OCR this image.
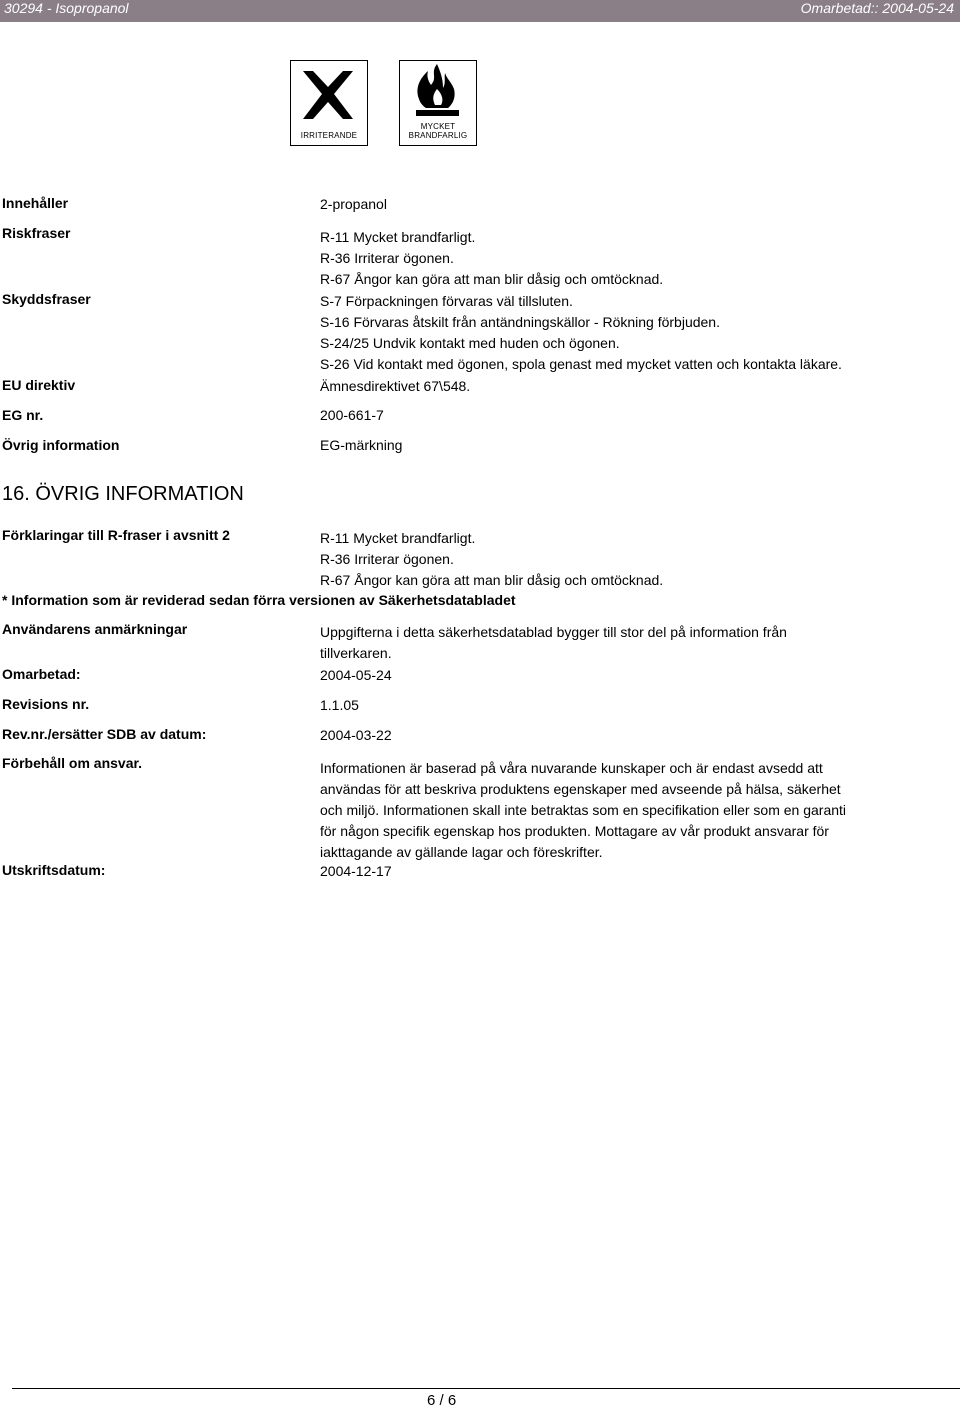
30294 - Isopropanol	Omarbetad:: 2004-05-24
IRRITERANDE
MYCKET
BRANDFARLIG
Innehåller	2-propanol
Riskfraser	R-11 Mycket brandfarligt.
R-36 Irriterar ögonen.
R-67 Ångor kan göra att man blir dåsig och omtöcknad.
Skyddsfraser	S-7 Förpackningen förvaras väl tillsluten.
S-16 Förvaras åtskilt från antändningskällor - Rökning förbjuden.
S-24/25 Undvik kontakt med huden och ögonen.
S-26 Vid kontakt med ögonen, spola genast med mycket vatten och kontakta läkare.
EU direktiv	Ämnesdirektivet 67\548.
EG nr.	200-661-7
Övrig information	EG-märkning
16. ÖVRIG INFORMATION
Förklaringar till R-fraser i avsnitt 2	R-11 Mycket brandfarligt.
R-36 Irriterar ögonen.
R-67 Ångor kan göra att man blir dåsig och omtöcknad.
* Information som är reviderad sedan förra versionen av Säkerhetsdatabladet
Användarens anmärkningar	Uppgifterna i detta säkerhetsdatablad bygger till stor del på information från
tillverkaren.
Omarbetad:	2004-05-24
Revisions nr.	1.1.05
Rev.nr./ersätter SDB av datum:	2004-03-22
Förbehåll om ansvar.	Informationen är baserad på våra nuvarande kunskaper och är endast avsedd att
användas för att beskriva produktens egenskaper med avseende på hälsa, säkerhet
och miljö. Informationen skall inte betraktas som en specifikation eller som en garanti
för någon specifik egenskap hos produkten. Mottagare av vår produkt ansvarar för
iakttagande av gällande lagar och föreskrifter.
Utskriftsdatum:	2004-12-17
6 / 6
